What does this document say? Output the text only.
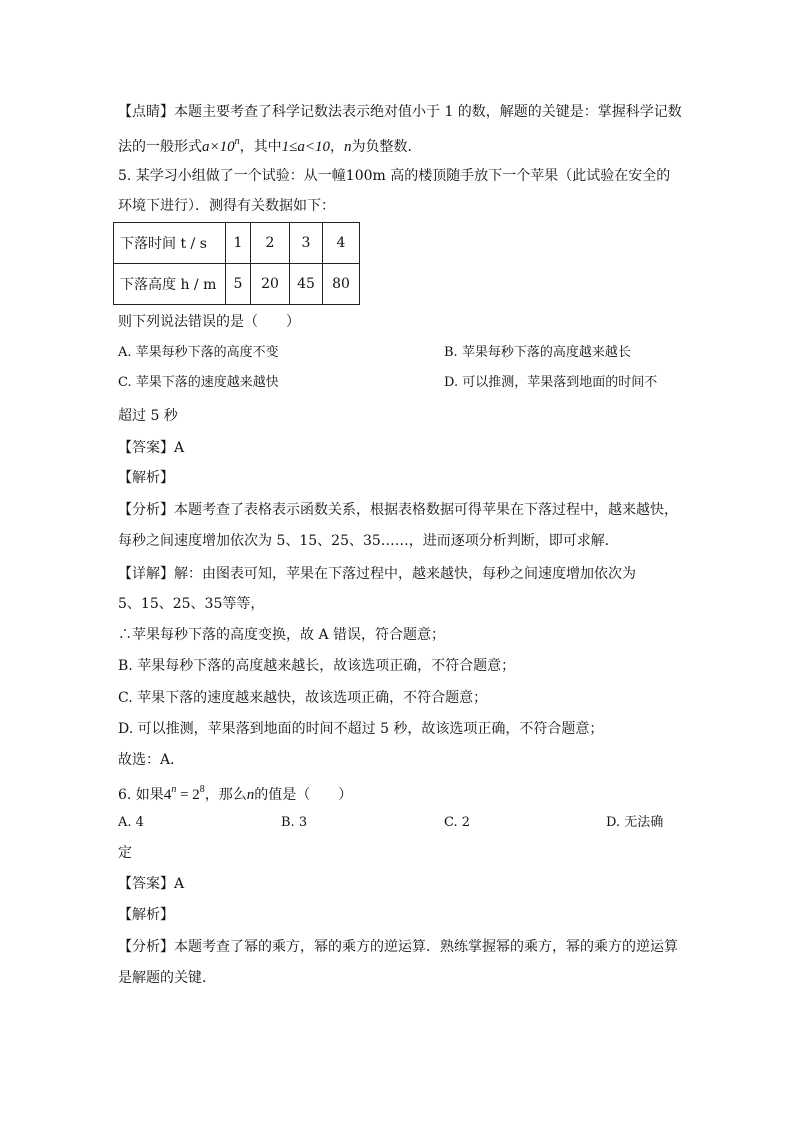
【点睛】本题主要考查了科学记数法表示绝对值小于 1 的数，解题的关键是：掌握科学记数
法的一般形式$a\times 10^n$，其中1≤a<10，n为负整数．
5. 某学习小组做了一个试验：从一幢100m 高的楼顶随手放下一个苹果（此试验在安全的
环境下进行）．测得有关数据如下：
下落时间 t / s	1	2	3	4
下落高度 h / m	5	20	45	80
则下列说法错误的是（　　）
A. 苹果每秒下落的高度不变	B. 苹果每秒下落的高度越来越长
C. 苹果下落的速度越来越快	D. 可以推测，苹果落到地面的时间不
超过 5 秒
【答案】A
【解析】
【分析】本题考查了表格表示函数关系，根据表格数据可得苹果在下落过程中，越来越快，
每秒之间速度增加依次为 5、15、25、35……，进而逐项分析判断，即可求解．
【详解】解：由图表可知，苹果在下落过程中，越来越快，每秒之间速度增加依次为
5、15、25、35等等，
∴苹果每秒下落的高度变换，故 A 错误，符合题意；
B. 苹果每秒下落的高度越来越长，故该选项正确，不符合题意；
C. 苹果下落的速度越来越快，故该选项正确，不符合题意；
D. 可以推测，苹果落到地面的时间不超过 5 秒，故该选项正确，不符合题意；
故选：A．
6. 如果$4^n = 2^8$，那么n的值是（　　）
A. 4	B. 3	C. 2	D. 无法确
定
【答案】A
【解析】
【分析】本题考查了幂的乘方，幂的乘方的逆运算．熟练掌握幂的乘方，幂的乘方的逆运算
是解题的关键．
